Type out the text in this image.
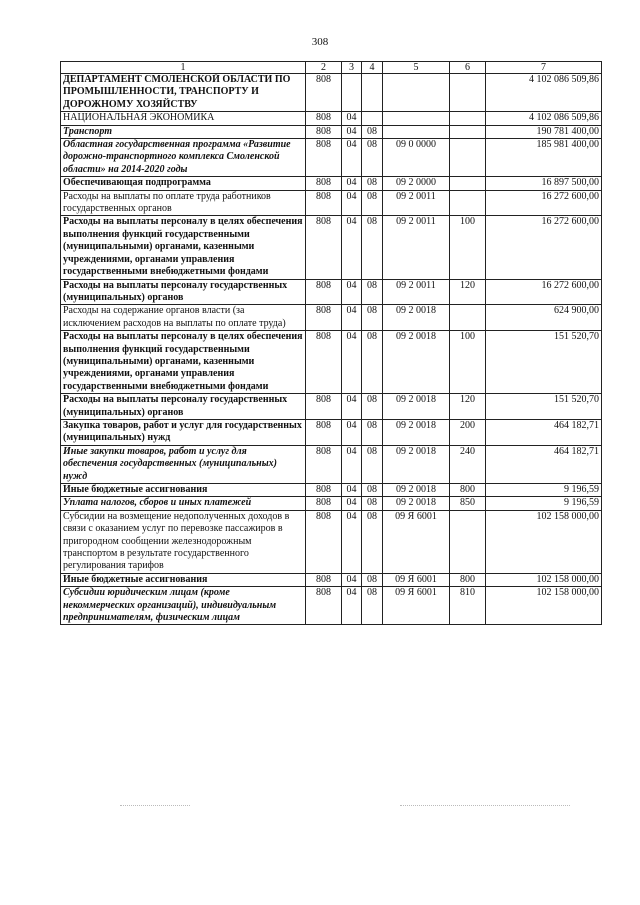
308
1	2	3	4	5	6	7
ДЕПАРТАМЕНТ СМОЛЕНСКОЙ ОБЛАСТИ ПО ПРОМЫШЛЕННОСТИ, ТРАНСПОРТУ И ДОРОЖНОМУ ХОЗЯЙСТВУ	808					4 102 086 509,86
НАЦИОНАЛЬНАЯ ЭКОНОМИКА	808	04				4 102 086 509,86
Транспорт	808	04	08			190 781 400,00
Областная государственная программа «Развитие дорожно-транспортного комплекса Смоленской области» на 2014-2020 годы	808	04	08	09 0 0000		185 981 400,00
Обеспечивающая подпрограмма	808	04	08	09 2 0000		16 897 500,00
Расходы на выплаты по оплате труда работников государственных органов	808	04	08	09 2 0011		16 272 600,00
Расходы на выплаты персоналу в целях обеспечения выполнения функций государственными (муниципальными) органами, казенными учреждениями, органами управления государственными внебюджетными фондами	808	04	08	09 2 0011	100	16 272 600,00
Расходы на выплаты персоналу государственных (муниципальных) органов	808	04	08	09 2 0011	120	16 272 600,00
Расходы на содержание органов власти (за исключением расходов на выплаты по оплате труда)	808	04	08	09 2 0018		624 900,00
Расходы на выплаты персоналу в целях обеспечения выполнения функций государственными (муниципальными) органами, казенными учреждениями, органами управления государственными внебюджетными фондами	808	04	08	09 2 0018	100	151 520,70
Расходы на выплаты персоналу государственных (муниципальных) органов	808	04	08	09 2 0018	120	151 520,70
Закупка товаров, работ и услуг для государственных (муниципальных) нужд	808	04	08	09 2 0018	200	464 182,71
Иные закупки товаров, работ и услуг для обеспечения государственных (муниципальных) нужд	808	04	08	09 2 0018	240	464 182,71
Иные бюджетные ассигнования	808	04	08	09 2 0018	800	9 196,59
Уплата налогов, сборов и иных платежей	808	04	08	09 2 0018	850	9 196,59
Субсидии на возмещение недополученных доходов в связи с оказанием услуг по перевозке пассажиров в пригородном сообщении железнодорожным транспортом в результате государственного регулирования тарифов	808	04	08	09 Я 6001		102 158 000,00
Иные бюджетные ассигнования	808	04	08	09 Я 6001	800	102 158 000,00
Субсидии юридическим лицам (кроме некоммерческих организаций), индивидуальным предпринимателям, физическим лицам	808	04	08	09 Я 6001	810	102 158 000,00
